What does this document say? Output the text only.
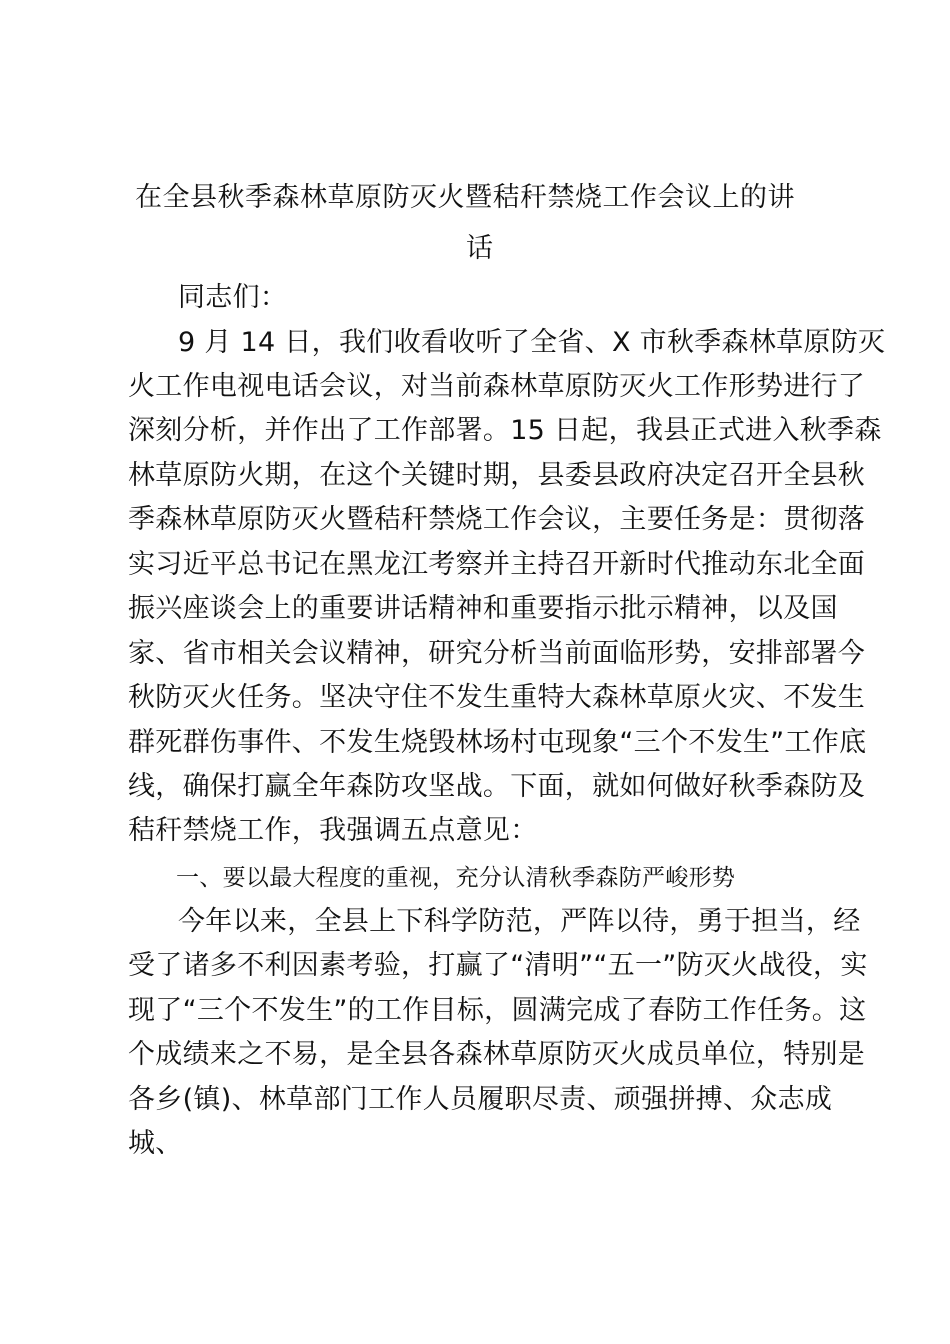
在全县秋季森林草原防灭火暨秸秆禁烧工作会议上的讲

话

同志们：

9 月 14 日，我们收看收听了全省、X 市秋季森林草原防灭

火工作电视电话会议，对当前森林草原防灭火工作形势进行了

深刻分析，并作出了工作部署。15 日起，我县正式进入秋季森

林草原防火期，在这个关键时期，县委县政府决定召开全县秋

季森林草原防灭火暨秸秆禁烧工作会议，主要任务是：贯彻落

实习近平总书记在黑龙江考察并主持召开新时代推动东北全面

振兴座谈会上的重要讲话精神和重要指示批示精神，以及国

家、省市相关会议精神，研究分析当前面临形势，安排部署今

秋防灭火任务。坚决守住不发生重特大森林草原火灾、不发生

群死群伤事件、不发生烧毁林场村屯现象“三个不发生”工作底

线，确保打赢全年森防攻坚战。下面，就如何做好秋季森防及

秸秆禁烧工作，我强调五点意见：

一、要以最大程度的重视，充分认清秋季森防严峻形势

今年以来，全县上下科学防范，严阵以待，勇于担当，经

受了诸多不利因素考验，打赢了“清明”“五一”防灭火战役，实

现了“三个不发生”的工作目标，圆满完成了春防工作任务。这

个成绩来之不易，是全县各森林草原防灭火成员单位，特别是

各乡(镇)、林草部门工作人员履职尽责、顽强拼搏、众志成

城、
